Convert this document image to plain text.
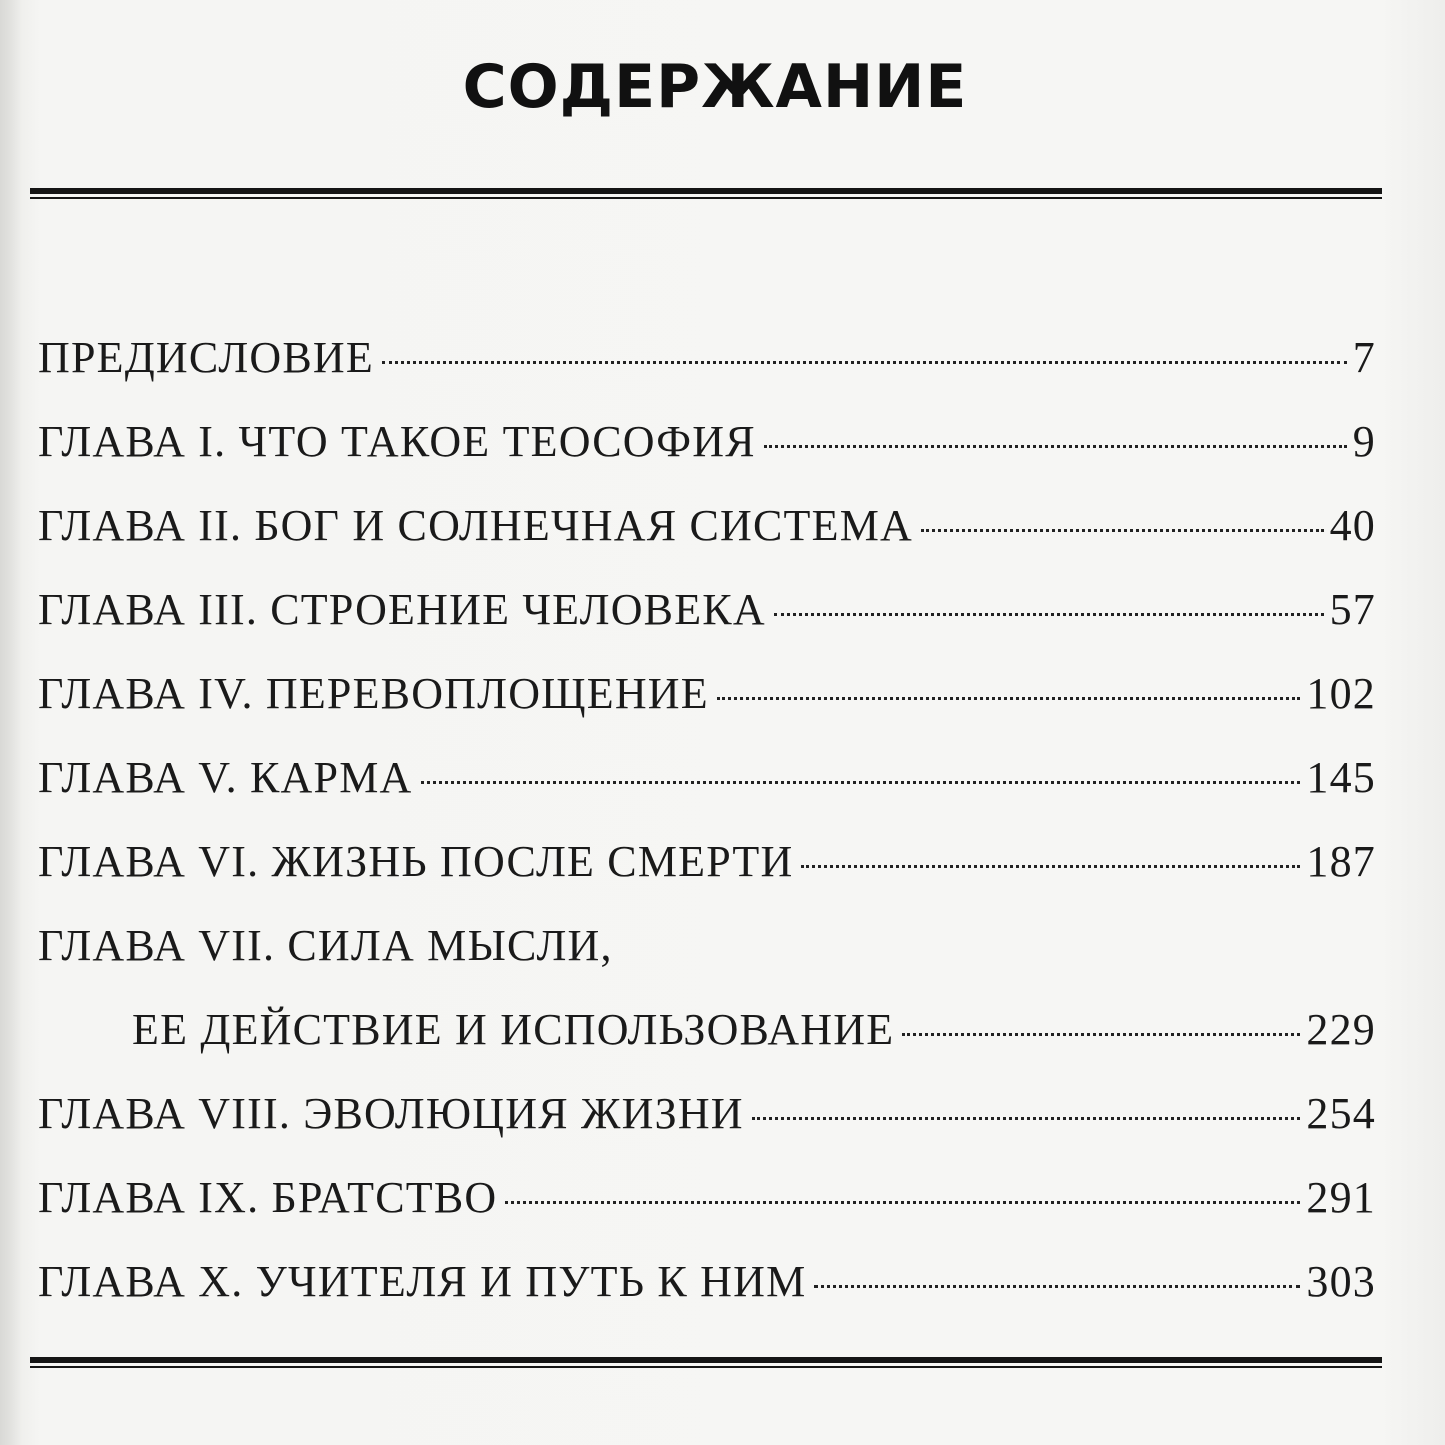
СОДЕРЖАНИЕ
ПРЕДИСЛОВИЕ	7
ГЛАВА I. ЧТО ТАКОЕ ТЕОСОФИЯ	9
ГЛАВА II. БОГ И СОЛНЕЧНАЯ СИСТЕМА	40
ГЛАВА III. СТРОЕНИЕ ЧЕЛОВЕКА	57
ГЛАВА IV. ПЕРЕВОПЛОЩЕНИЕ	102
ГЛАВА V. КАРМА	145
ГЛАВА VI. ЖИЗНЬ ПОСЛЕ СМЕРТИ	187
ГЛАВА VII. СИЛА МЫСЛИ,
ЕЕ ДЕЙСТВИЕ И ИСПОЛЬЗОВАНИЕ	229
ГЛАВА VIII. ЭВОЛЮЦИЯ ЖИЗНИ	254
ГЛАВА IX. БРАТСТВО	291
ГЛАВА X. УЧИТЕЛЯ И ПУТЬ К НИМ	303
